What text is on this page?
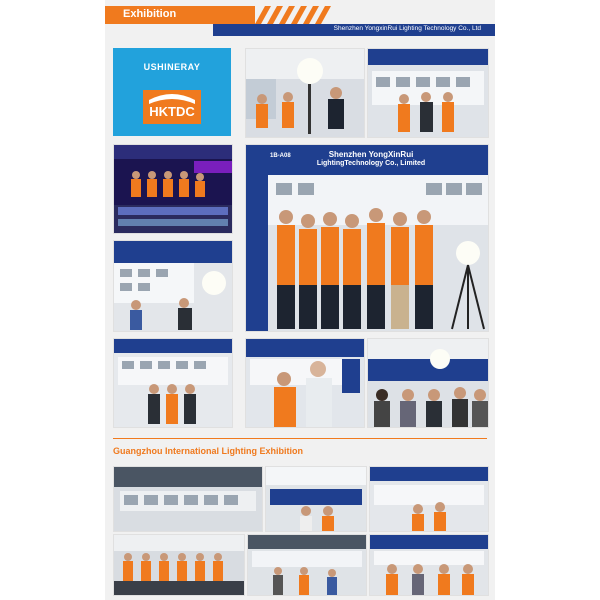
Exhibition
Shenzhen YongxinRui Lighting Technology Co., Ltd
USHINERAY
HKTDC
Shenzhen YongXinRui
LightingTechnology Co., Limited
1B-A08
Guangzhou International Lighting Exhibition
